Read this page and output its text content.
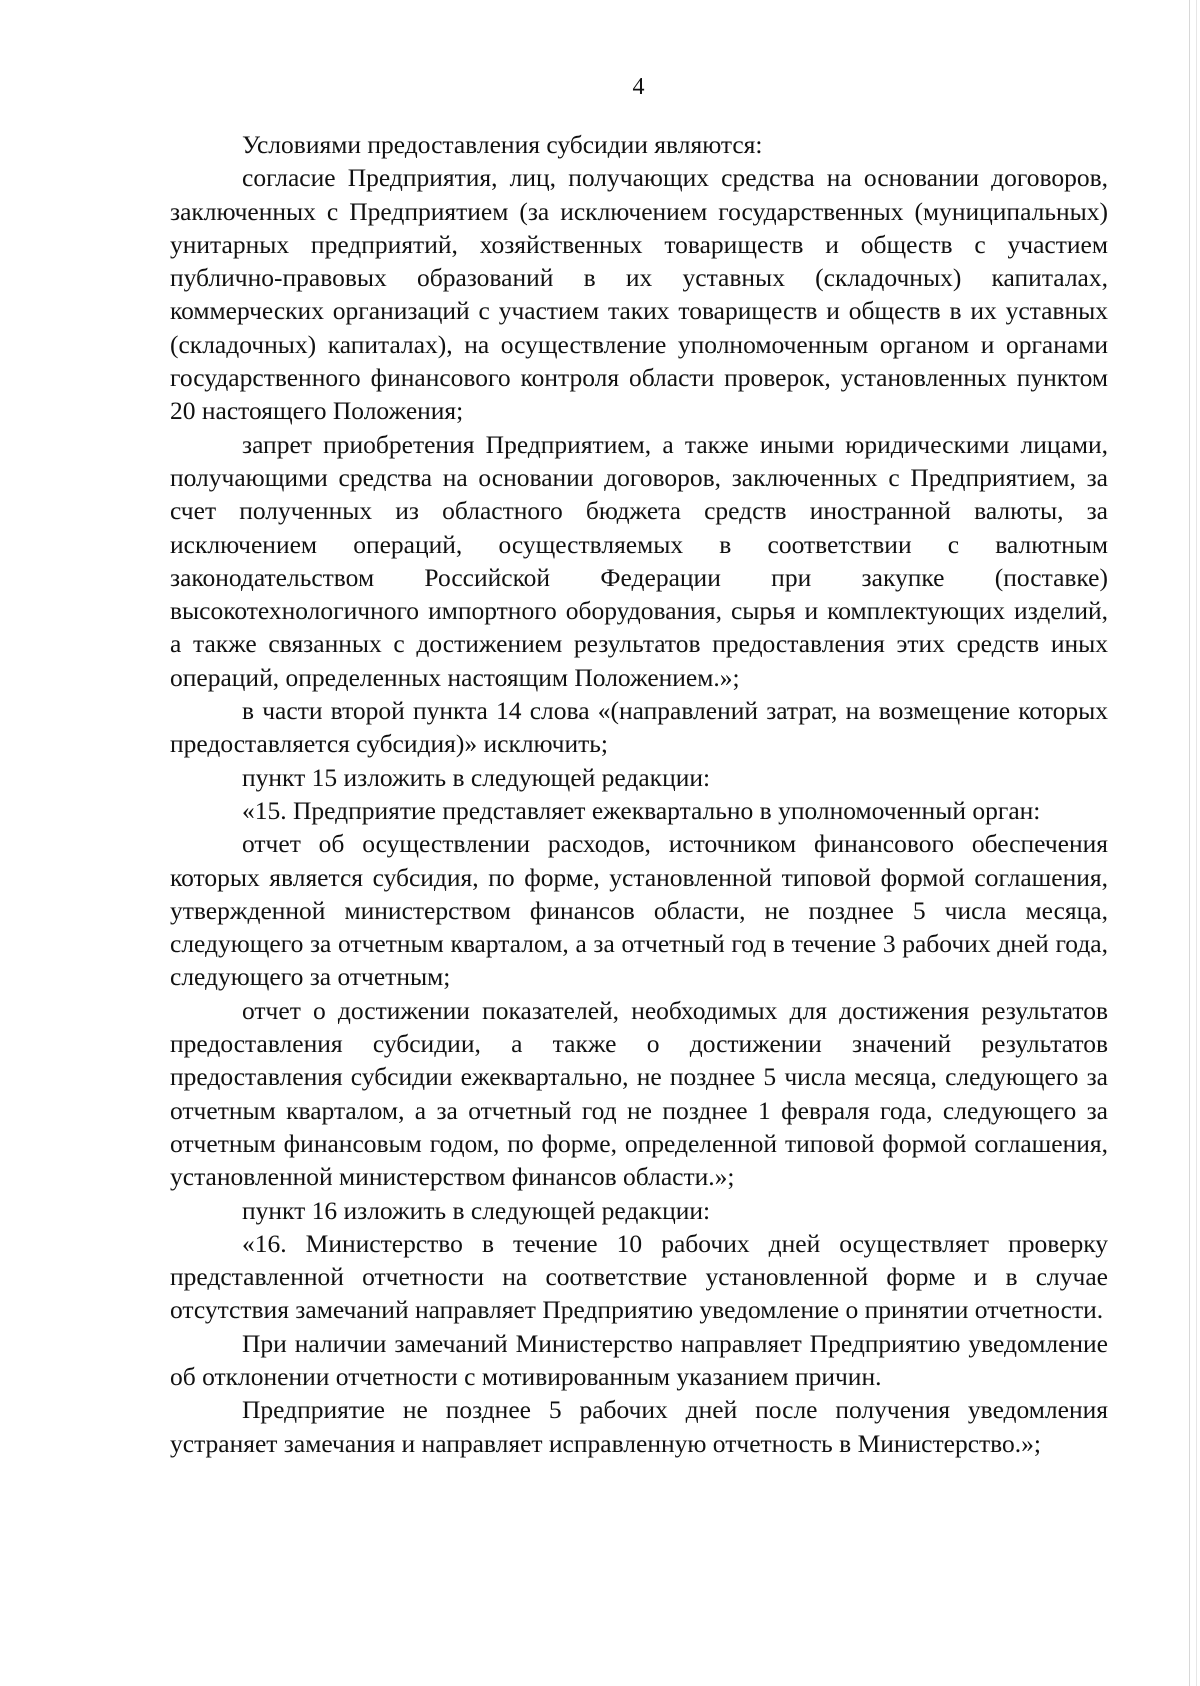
4

Условиями предоставления субсидии являются:

согласие Предприятия, лиц, получающих средства на основании договоров, заключенных с Предприятием (за исключением государственных (муниципальных) унитарных предприятий, хозяйственных товариществ и обществ с участием публично-правовых образований в их уставных (складочных) капиталах, коммерческих организаций с участием таких товариществ и обществ в их уставных (складочных) капиталах), на осуществление уполномоченным органом и органами государственного финансового контроля области проверок, установленных пунктом 20 настоящего Положения;

запрет приобретения Предприятием, а также иными юридическими лицами, получающими средства на основании договоров, заключенных с Предприятием, за счет полученных из областного бюджета средств иностранной валюты, за исключением операций, осуществляемых в соответствии с валютным законодательством Российской Федерации при закупке (поставке) высокотехнологичного импортного оборудования, сырья и комплектующих изделий, а также связанных с достижением результатов предоставления этих средств иных операций, определенных настоящим Положением.»;

в части второй пункта 14 слова «(направлений затрат, на возмещение которых предоставляется субсидия)» исключить;

пункт 15 изложить в следующей редакции:

«15. Предприятие представляет ежеквартально в уполномоченный орган:

отчет об осуществлении расходов, источником финансового обеспечения которых является субсидия, по форме, установленной типовой формой соглашения, утвержденной министерством финансов области, не позднее 5 числа месяца, следующего за отчетным кварталом, а за отчетный год в течение 3 рабочих дней года, следующего за отчетным;

отчет о достижении показателей, необходимых для достижения результатов предоставления субсидии, а также о достижении значений результатов предоставления субсидии ежеквартально, не позднее 5 числа месяца, следующего за отчетным кварталом, а за отчетный год не позднее 1 февраля года, следующего за отчетным финансовым годом, по форме, определенной типовой формой соглашения, установленной министерством финансов области.»;

пункт 16 изложить в следующей редакции:

«16. Министерство в течение 10 рабочих дней осуществляет проверку представленной отчетности на соответствие установленной форме и в случае отсутствия замечаний направляет Предприятию уведомление о принятии отчетности.

При наличии замечаний Министерство направляет Предприятию уведомление об отклонении отчетности с мотивированным указанием причин.

Предприятие не позднее 5 рабочих дней после получения уведомления устраняет замечания и направляет исправленную отчетность в Министерство.»;
